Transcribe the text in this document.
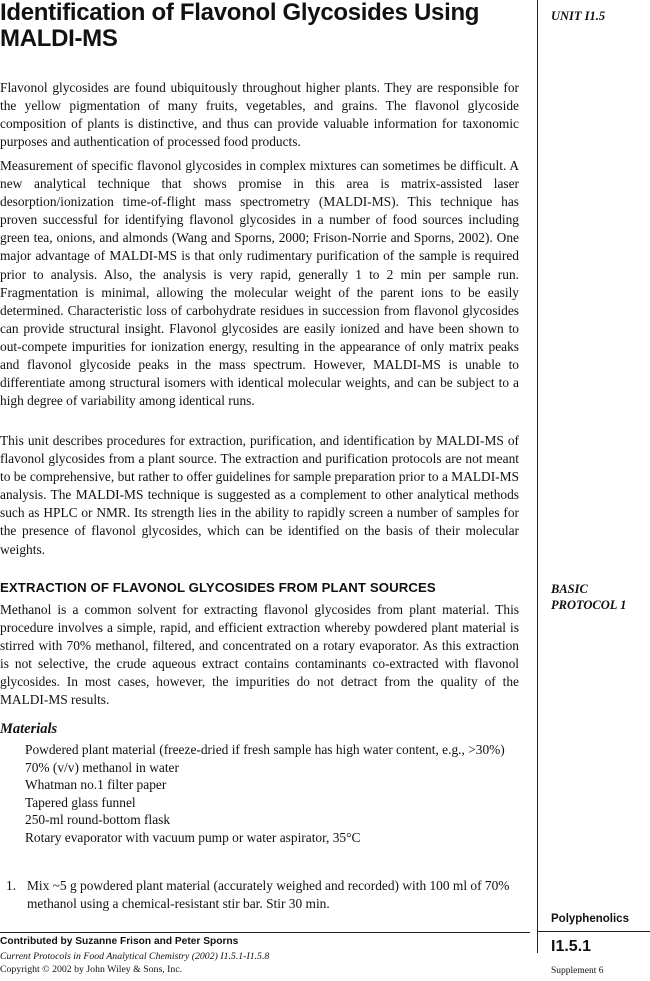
Identification of Flavonol Glycosides Using MALDI-MS
UNIT I1.5

Flavonol glycosides are found ubiquitously throughout higher plants. They are responsible for the yellow pigmentation of many fruits, vegetables, and grains. The flavonol glycoside composition of plants is distinctive, and thus can provide valuable information for taxonomic purposes and authentication of processed food products.

Measurement of specific flavonol glycosides in complex mixtures can sometimes be difficult. A new analytical technique that shows promise in this area is matrix-assisted laser desorption/ionization time-of-flight mass spectrometry (MALDI-MS). This technique has proven successful for identifying flavonol glycosides in a number of food sources including green tea, onions, and almonds (Wang and Sporns, 2000; Frison-Norrie and Sporns, 2002). One major advantage of MALDI-MS is that only rudimentary purification of the sample is required prior to analysis. Also, the analysis is very rapid, generally 1 to 2 min per sample run. Fragmentation is minimal, allowing the molecular weight of the parent ions to be easily determined. Characteristic loss of carbohydrate residues in succession from flavonol glycosides can provide structural insight. Flavonol glycosides are easily ionized and have been shown to out-compete impurities for ionization energy, resulting in the appearance of only matrix peaks and flavonol glycoside peaks in the mass spectrum. However, MALDI-MS is unable to differentiate among structural isomers with identical molecular weights, and can be subject to a high degree of variability among identical runs.

This unit describes procedures for extraction, purification, and identification by MALDI-MS of flavonol glycosides from a plant source. The extraction and purification protocols are not meant to be comprehensive, but rather to offer guidelines for sample preparation prior to a MALDI-MS analysis. The MALDI-MS technique is suggested as a complement to other analytical methods such as HPLC or NMR. Its strength lies in the ability to rapidly screen a number of samples for the presence of flavonol glycosides, which can be identified on the basis of their molecular weights.

EXTRACTION OF FLAVONOL GLYCOSIDES FROM PLANT SOURCES	BASIC
PROTOCOL 1

Methanol is a common solvent for extracting flavonol glycosides from plant material. This procedure involves a simple, rapid, and efficient extraction whereby powdered plant material is stirred with 70% methanol, filtered, and concentrated on a rotary evaporator. As this extraction is not selective, the crude aqueous extract contains contaminants co-extracted with flavonol glycosides. In most cases, however, the impurities do not detract from the quality of the MALDI-MS results.

Materials
Powdered plant material (freeze-dried if fresh sample has high water content, e.g., >30%)
70% (v/v) methanol in water
Whatman no.1 filter paper
Tapered glass funnel
250-ml round-bottom flask
Rotary evaporator with vacuum pump or water aspirator, 35°C
1. Mix ~5 g powdered plant material (accurately weighed and recorded) with 100 ml of 70% methanol using a chemical-resistant stir bar. Stir 30 min.
Polyphenolics
Contributed by Suzanne Frison and Peter Sporns
Current Protocols in Food Analytical Chemistry (2002) I1.5.1-I1.5.8
Copyright © 2002 by John Wiley & Sons, Inc.
I1.5.1
Supplement 6
